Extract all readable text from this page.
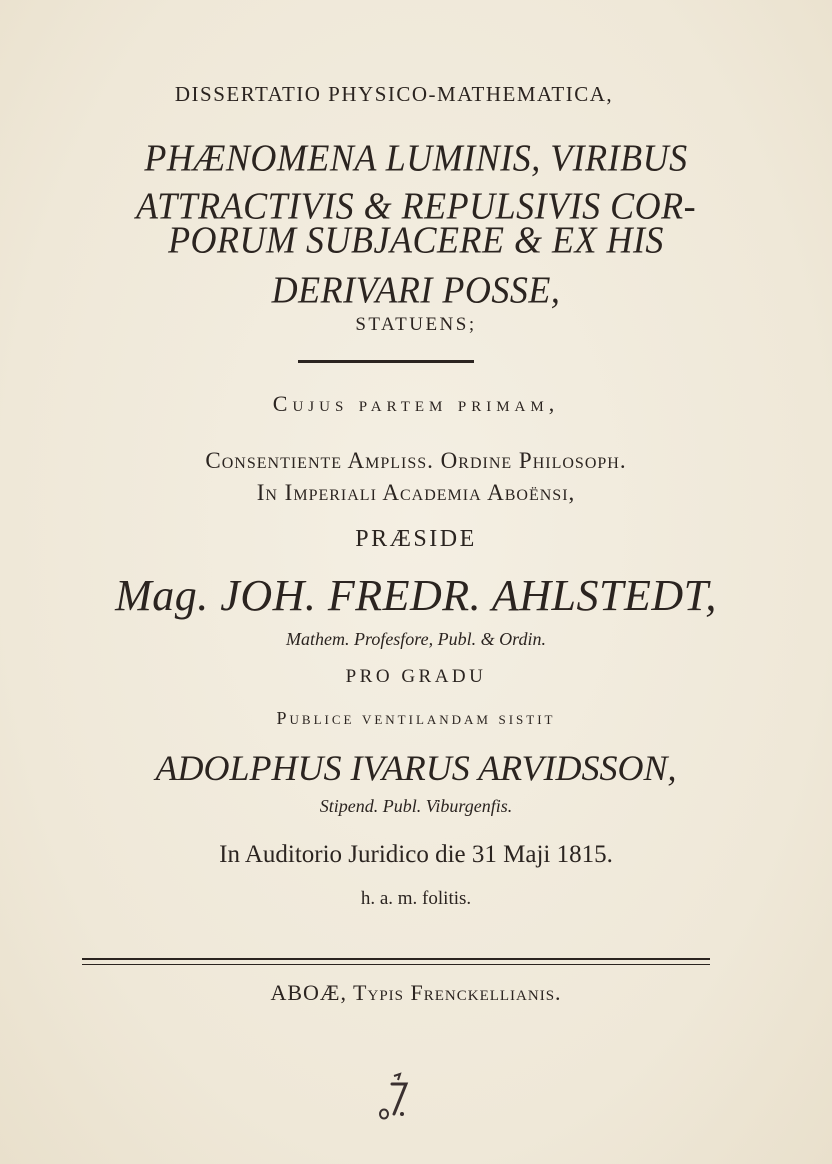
DISSERTATIO PHYSICO-MATHEMATICA,
PHÆNOMENA LUMINIS, VIRIBUS
ATTRACTIVIS & REPULSIVIS COR-
PORUM SUBJACERE & EX HIS
DERIVARI POSSE,
STATUENS;
Cujus partem primam,
Consentiente Ampliss. Ordine Philosoph.
In Imperiali Academia Aboënsi,
PRÆSIDE
Mag. JOH. FREDR. AHLSTEDT,
Mathem. Profesfore, Publ. & Ordin.
PRO GRADU
Publice ventilandam sistit
ADOLPHUS IVARUS ARVIDSSON,
Stipend. Publ. Viburgenfis.
In Auditorio Juridico die 31 Maji 1815.
h. a. m. folitis.
ABOÆ, Typis Frenckellianis.
